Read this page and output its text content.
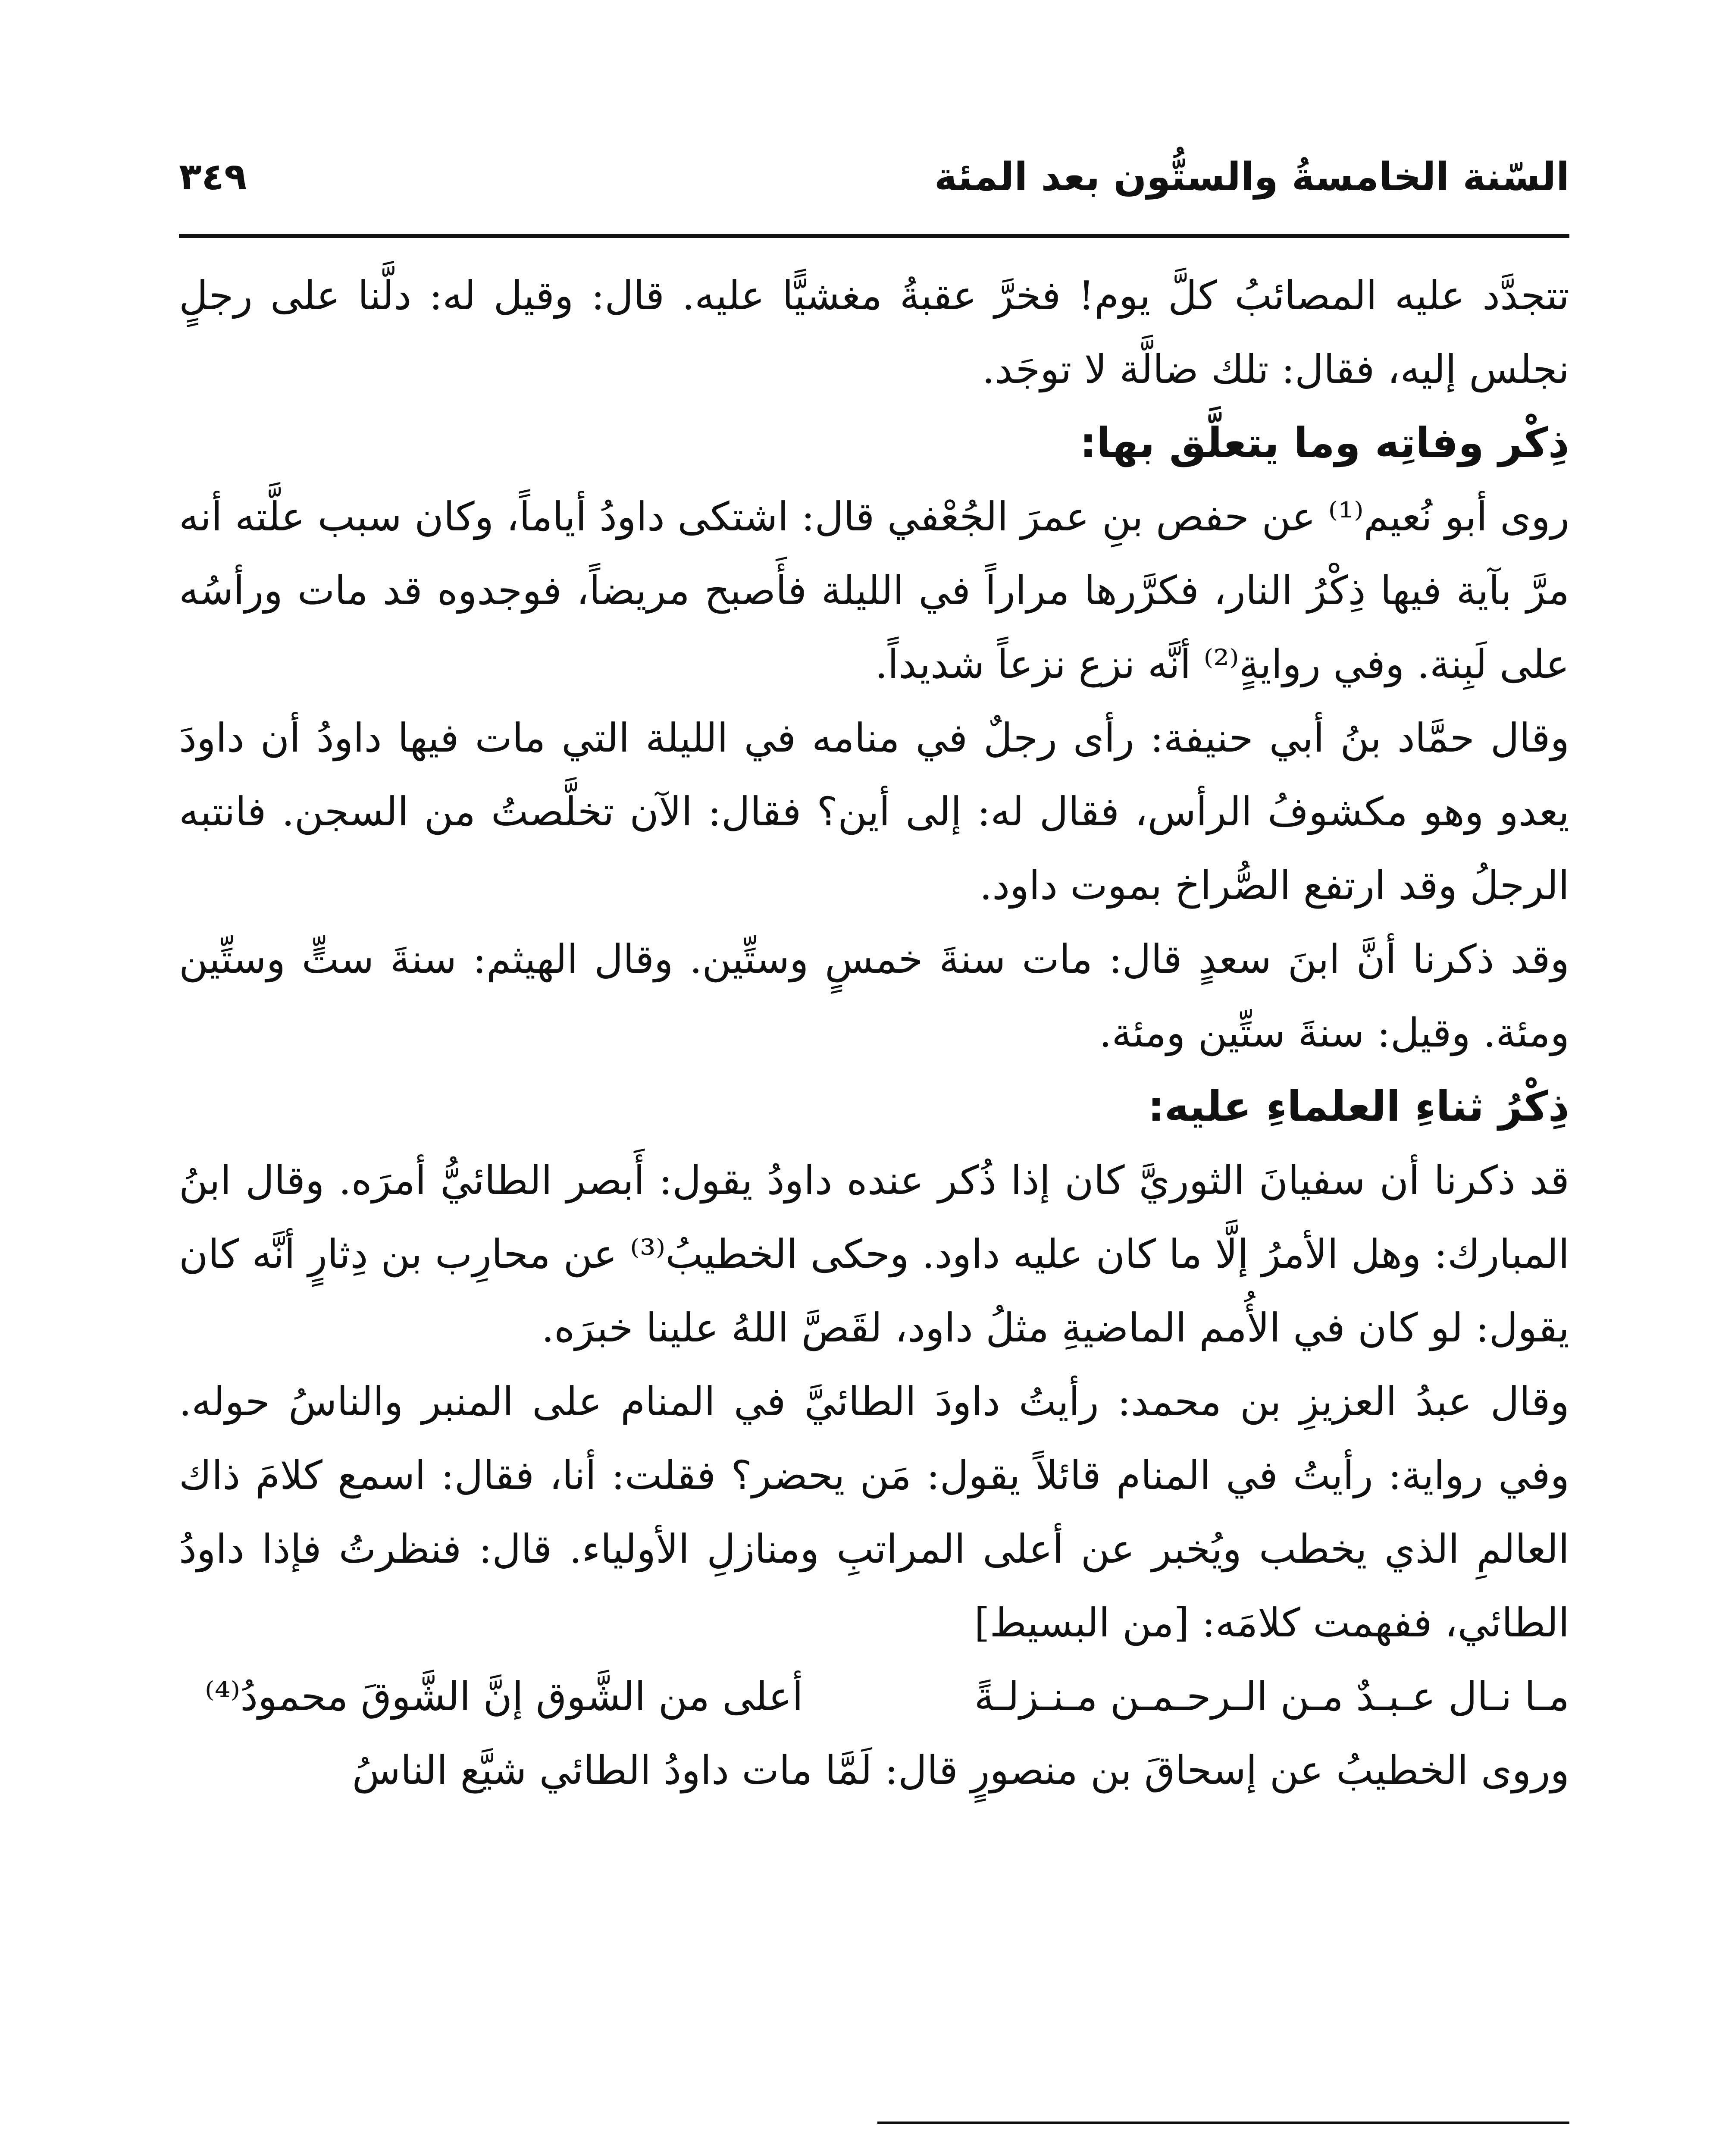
السّنة الخامسةُ والستُّون بعد المئة
٣٤٩

تتجدَّد عليه المصائبُ كلَّ يوم! فخرَّ عقبةُ مغشيًّا عليه. قال: وقيل له: دلَّنا على رجلٍ نجلس إليه، فقال: تلك ضالَّة لا توجَد.

ذِكْر وفاتِه وما يتعلَّق بها:

روى أبو نُعيم⁽¹⁾ عن حفص بنِ عمرَ الجُعْفي قال: اشتكى داودُ أياماً، وكان سبب علَّته أنه مرَّ بآية فيها ذِكْرُ النار، فكرَّرها مراراً في الليلة فأَصبح مريضاً، فوجدوه قد مات ورأسُه على لَبِنة. وفي روايةٍ⁽²⁾ أنَّه نزع نزعاً شديداً.

وقال حمَّاد بنُ أبي حنيفة: رأى رجلٌ في منامه في الليلة التي مات فيها داودُ أن داودَ يعدو وهو مكشوفُ الرأس، فقال له: إلى أين؟ فقال: الآن تخلَّصتُ من السجن. فانتبه الرجلُ وقد ارتفع الصُّراخ بموت داود.

وقد ذكرنا أنَّ ابنَ سعدٍ قال: مات سنةَ خمسٍ وستِّين. وقال الهيثم: سنةَ ستٍّ وستِّين ومئة. وقيل: سنةَ ستِّين ومئة.

ذِكْرُ ثناءِ العلماءِ عليه:

قد ذكرنا أن سفيانَ الثوريَّ كان إذا ذُكر عنده داودُ يقول: أَبصر الطائيُّ أمرَه. وقال ابنُ المبارك: وهل الأمرُ إلَّا ما كان عليه داود. وحكى الخطيبُ⁽³⁾ عن محارِب بن دِثارٍ أنَّه كان يقول: لو كان في الأُمم الماضيةِ مثلُ داود، لقَصَّ اللهُ علينا خبرَه.

وقال عبدُ العزيزِ بن محمد: رأيتُ داودَ الطائيَّ في المنام على المنبر والناسُ حوله. وفي رواية: رأيتُ في المنام قائلاً يقول: مَن يحضر؟ فقلت: أنا، فقال: اسمع كلامَ ذاك العالمِ الذي يخطب ويُخبر عن أعلى المراتبِ ومنازلِ الأولياء. قال: فنظرتُ فإذا داودُ الطائي، ففهمت كلامَه: [من البسيط]

مـا نـال عـبـدٌ مـن الـرحـمـن مـنـزلـةً
أعلى من الشَّوق إنَّ الشَّوقَ محمودُ⁽⁴⁾

وروى الخطيبُ عن إسحاقَ بن منصورٍ قال: لَمَّا مات داودُ الطائي شيَّع الناسُ
